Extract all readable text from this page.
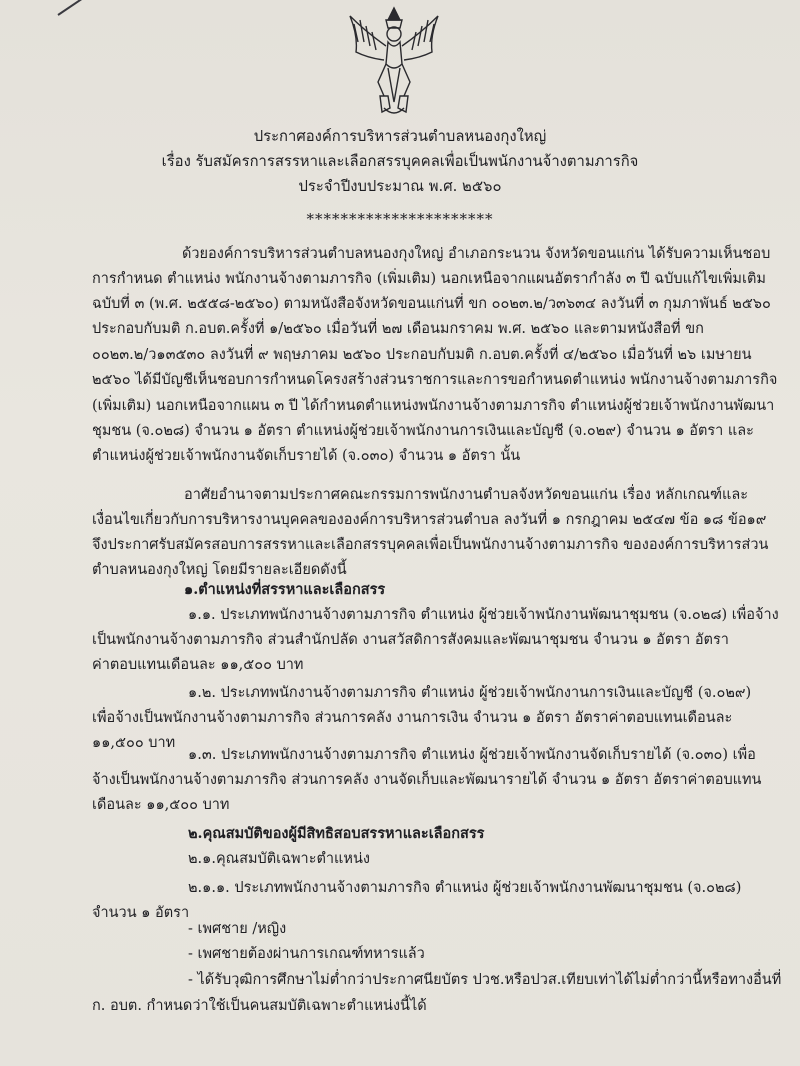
ประกาศองค์การบริหารส่วนตำบลหนองกุงใหญ่
เรื่อง รับสมัครการสรรหาและเลือกสรรบุคคลเพื่อเป็นพนักงานจ้างตามภารกิจ
ประจำปีงบประมาณ พ.ศ. ๒๕๖๐
**********************
ด้วยองค์การบริหารส่วนตำบลหนองกุงใหญ่ อำเภอกระนวน จังหวัดขอนแก่น ได้รับความเห็นชอบ
การกำหนด ตำแหน่ง พนักงานจ้างตามภารกิจ (เพิ่มเติม) นอกเหนือจากแผนอัตรากำลัง ๓ ปี ฉบับแก้ไขเพิ่มเติม
ฉบับที่ ๓ (พ.ศ. ๒๕๕๘-๒๕๖๐) ตามหนังสือจังหวัดขอนแก่นที่ ขก ๐๐๒๓.๒/ว๓๖๓๔ ลงวันที่ ๓ กุมภาพันธ์ ๒๕๖๐
ประกอบกับมติ ก.อบต.ครั้งที่ ๑/๒๕๖๐ เมื่อวันที่ ๒๗ เดือนมกราคม พ.ศ. ๒๕๖๐ และตามหนังสือที่ ขก
๐๐๒๓.๒/ว๑๓๕๓๐ ลงวันที่ ๙ พฤษภาคม ๒๕๖๐ ประกอบกับมติ ก.อบต.ครั้งที่ ๔/๒๕๖๐ เมื่อวันที่ ๒๖ เมษายน
๒๕๖๐ ได้มีบัญชีเห็นชอบการกำหนดโครงสร้างส่วนราชการและการขอกำหนดตำแหน่ง พนักงานจ้างตามภารกิจ
(เพิ่มเติม) นอกเหนือจากแผน ๓ ปี ได้กำหนดตำแหน่งพนักงานจ้างตามภารกิจ ตำแหน่งผู้ช่วยเจ้าพนักงานพัฒนา
ชุมชน (จ.๐๒๘) จำนวน ๑ อัตรา ตำแหน่งผู้ช่วยเจ้าพนักงานการเงินและบัญชี (จ.๐๒๙) จำนวน ๑ อัตรา และ
ตำแหน่งผู้ช่วยเจ้าพนักงานจัดเก็บรายได้ (จ.๐๓๐) จำนวน ๑ อัตรา นั้น
อาศัยอำนาจตามประกาศคณะกรรมการพนักงานตำบลจังหวัดขอนแก่น เรื่อง หลักเกณฑ์และ
เงื่อนไขเกี่ยวกับการบริหารงานบุคคลขององค์การบริหารส่วนตำบล ลงวันที่ ๑ กรกฎาคม ๒๕๔๗ ข้อ ๑๘ ข้อ๑๙
จึงประกาศรับสมัครสอบการสรรหาและเลือกสรรบุคคลเพื่อเป็นพนักงานจ้างตามภารกิจ ขององค์การบริหารส่วน
ตำบลหนองกุงใหญ่ โดยมีรายละเอียดดังนี้
๑.ตำแหน่งที่สรรหาและเลือกสรร
๑.๑. ประเภทพนักงานจ้างตามภารกิจ ตำแหน่ง ผู้ช่วยเจ้าพนักงานพัฒนาชุมชน (จ.๐๒๘) เพื่อจ้าง
เป็นพนักงานจ้างตามภารกิจ ส่วนสำนักปลัด งานสวัสดิการสังคมและพัฒนาชุมชน จำนวน ๑ อัตรา อัตรา
ค่าตอบแทนเดือนละ ๑๑,๕๐๐ บาท
๑.๒. ประเภทพนักงานจ้างตามภารกิจ ตำแหน่ง ผู้ช่วยเจ้าพนักงานการเงินและบัญชี (จ.๐๒๙)
เพื่อจ้างเป็นพนักงานจ้างตามภารกิจ ส่วนการคลัง งานการเงิน จำนวน ๑ อัตรา อัตราค่าตอบแทนเดือนละ
๑๑,๕๐๐ บาท
๑.๓. ประเภทพนักงานจ้างตามภารกิจ ตำแหน่ง ผู้ช่วยเจ้าพนักงานจัดเก็บรายได้ (จ.๐๓๐) เพื่อ
จ้างเป็นพนักงานจ้างตามภารกิจ ส่วนการคลัง งานจัดเก็บและพัฒนารายได้ จำนวน ๑ อัตรา อัตราค่าตอบแทน
เดือนละ ๑๑,๕๐๐ บาท
๒.คุณสมบัติของผู้มีสิทธิสอบสรรหาและเลือกสรร
๒.๑.คุณสมบัติเฉพาะตำแหน่ง
๒.๑.๑. ประเภทพนักงานจ้างตามภารกิจ ตำแหน่ง ผู้ช่วยเจ้าพนักงานพัฒนาชุมชน (จ.๐๒๘)
จำนวน ๑ อัตรา
- เพศชาย /หญิง
- เพศชายต้องผ่านการเกณฑ์ทหารแล้ว
- ได้รับวุฒิการศึกษาไม่ต่ำกว่าประกาศนียบัตร ปวช.หรือปวส.เทียบเท่าได้ไม่ต่ำกว่านี้หรือทางอื่นที่
ก. อบต. กำหนดว่าใช้เป็นคนสมบัติเฉพาะตำแหน่งนี้ได้
